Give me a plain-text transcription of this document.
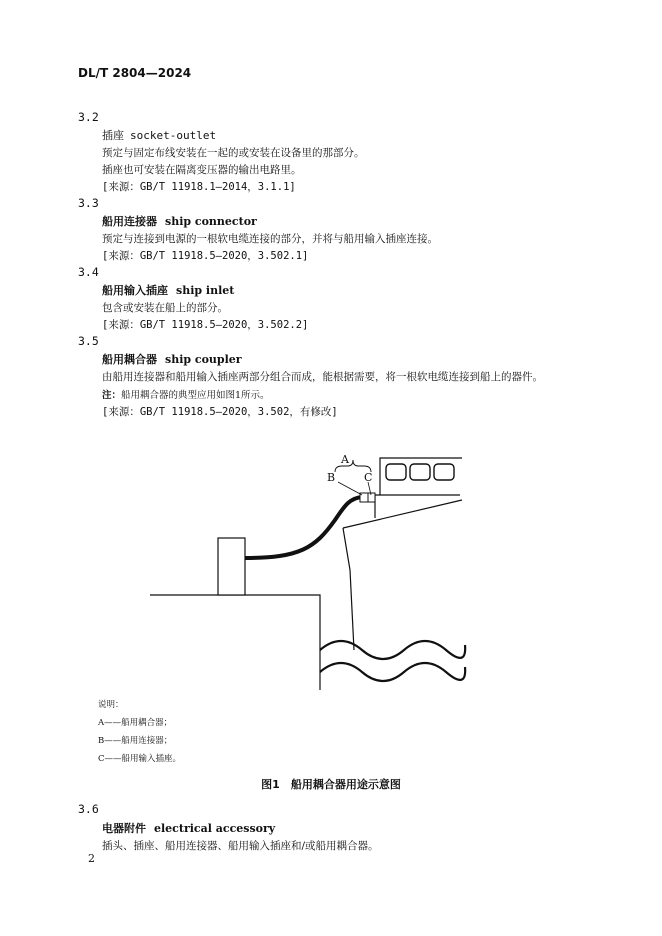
DL/T 2804—2024
3.2
插座 socket-outlet
预定与固定布线安装在一起的或安装在设备里的那部分。
插座也可安装在隔离变压器的输出电路里。
[来源：GB/T 11918.1—2014，3.1.1]
3.3
船用连接器 ship connector
预定与连接到电源的一根软电缆连接的部分，并将与船用输入插座连接。
[来源：GB/T 11918.5—2020，3.502.1]
3.4
船用输入插座 ship inlet
包含或安装在船上的部分。
[来源：GB/T 11918.5—2020，3.502.2]
3.5
船用耦合器 ship coupler
由船用连接器和船用输入插座两部分组合而成，能根据需要，将一根软电缆连接到船上的器件。
注：船用耦合器的典型应用如图1所示。
[来源：GB/T 11918.5—2020，3.502，有修改]
A
B	C
说明：
A——船用耦合器；
B——船用连接器；
C——船用输入插座。
图1　船用耦合器用途示意图
3.6
电器附件 electrical accessory
插头、插座、船用连接器、船用输入插座和/或船用耦合器。
2
